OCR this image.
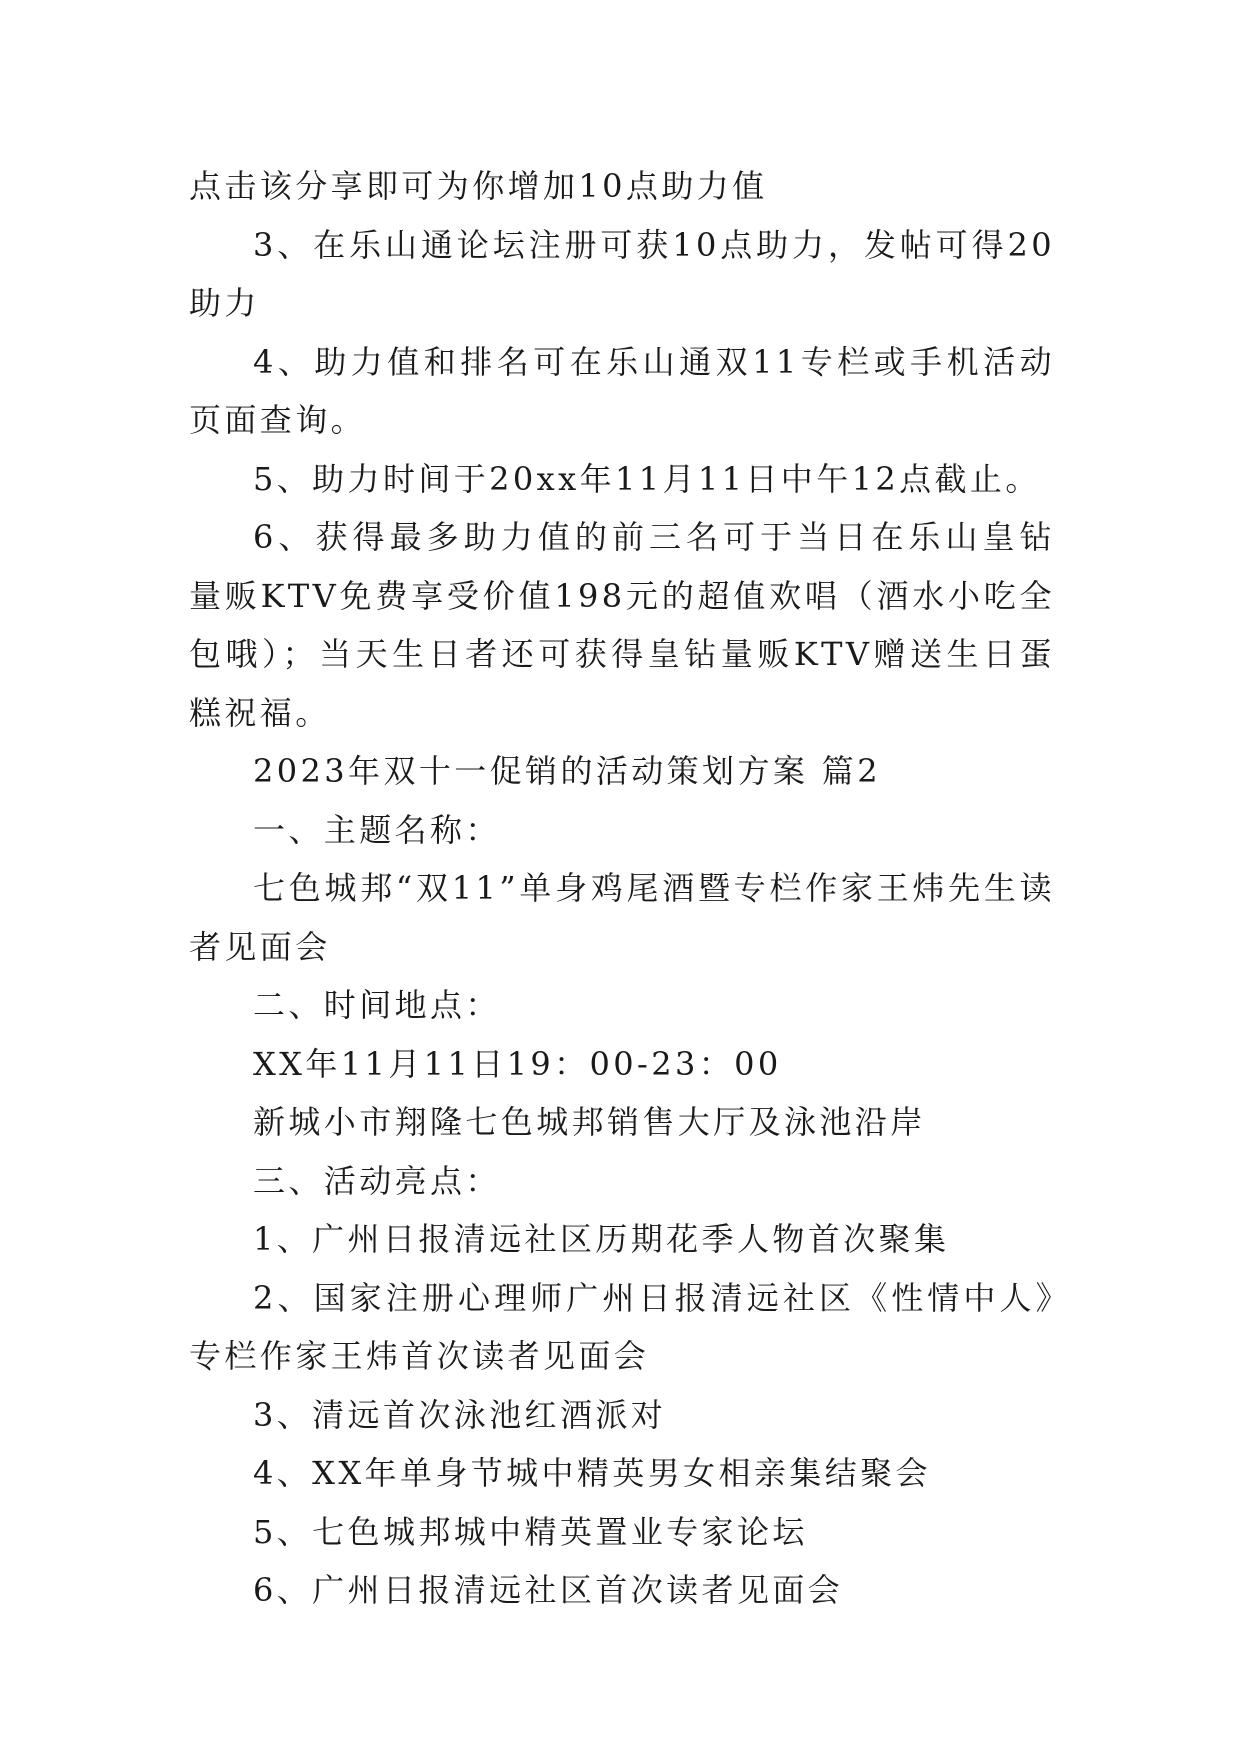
点击该分享即可为你增加10点助力值

3、在乐山通论坛注册可获10点助力，发帖可得20助力

4、助力值和排名可在乐山通双11专栏或手机活动页面查询。

5、助力时间于20xx年11月11日中午12点截止。

6、获得最多助力值的前三名可于当日在乐山皇钻量贩KTV免费享受价值198元的超值欢唱（酒水小吃全包哦）；当天生日者还可获得皇钻量贩KTV赠送生日蛋糕祝福。

2023年双十一促销的活动策划方案 篇2

一、主题名称：

七色城邦“双11”单身鸡尾酒暨专栏作家王炜先生读者见面会

二、时间地点：

XX年11月11日19：00-23：00

新城小市翔隆七色城邦销售大厅及泳池沿岸

三、活动亮点：

1、广州日报清远社区历期花季人物首次聚集

2、国家注册心理师广州日报清远社区《性情中人》专栏作家王炜首次读者见面会

3、清远首次泳池红酒派对

4、XX年单身节城中精英男女相亲集结聚会

5、七色城邦城中精英置业专家论坛

6、广州日报清远社区首次读者见面会
